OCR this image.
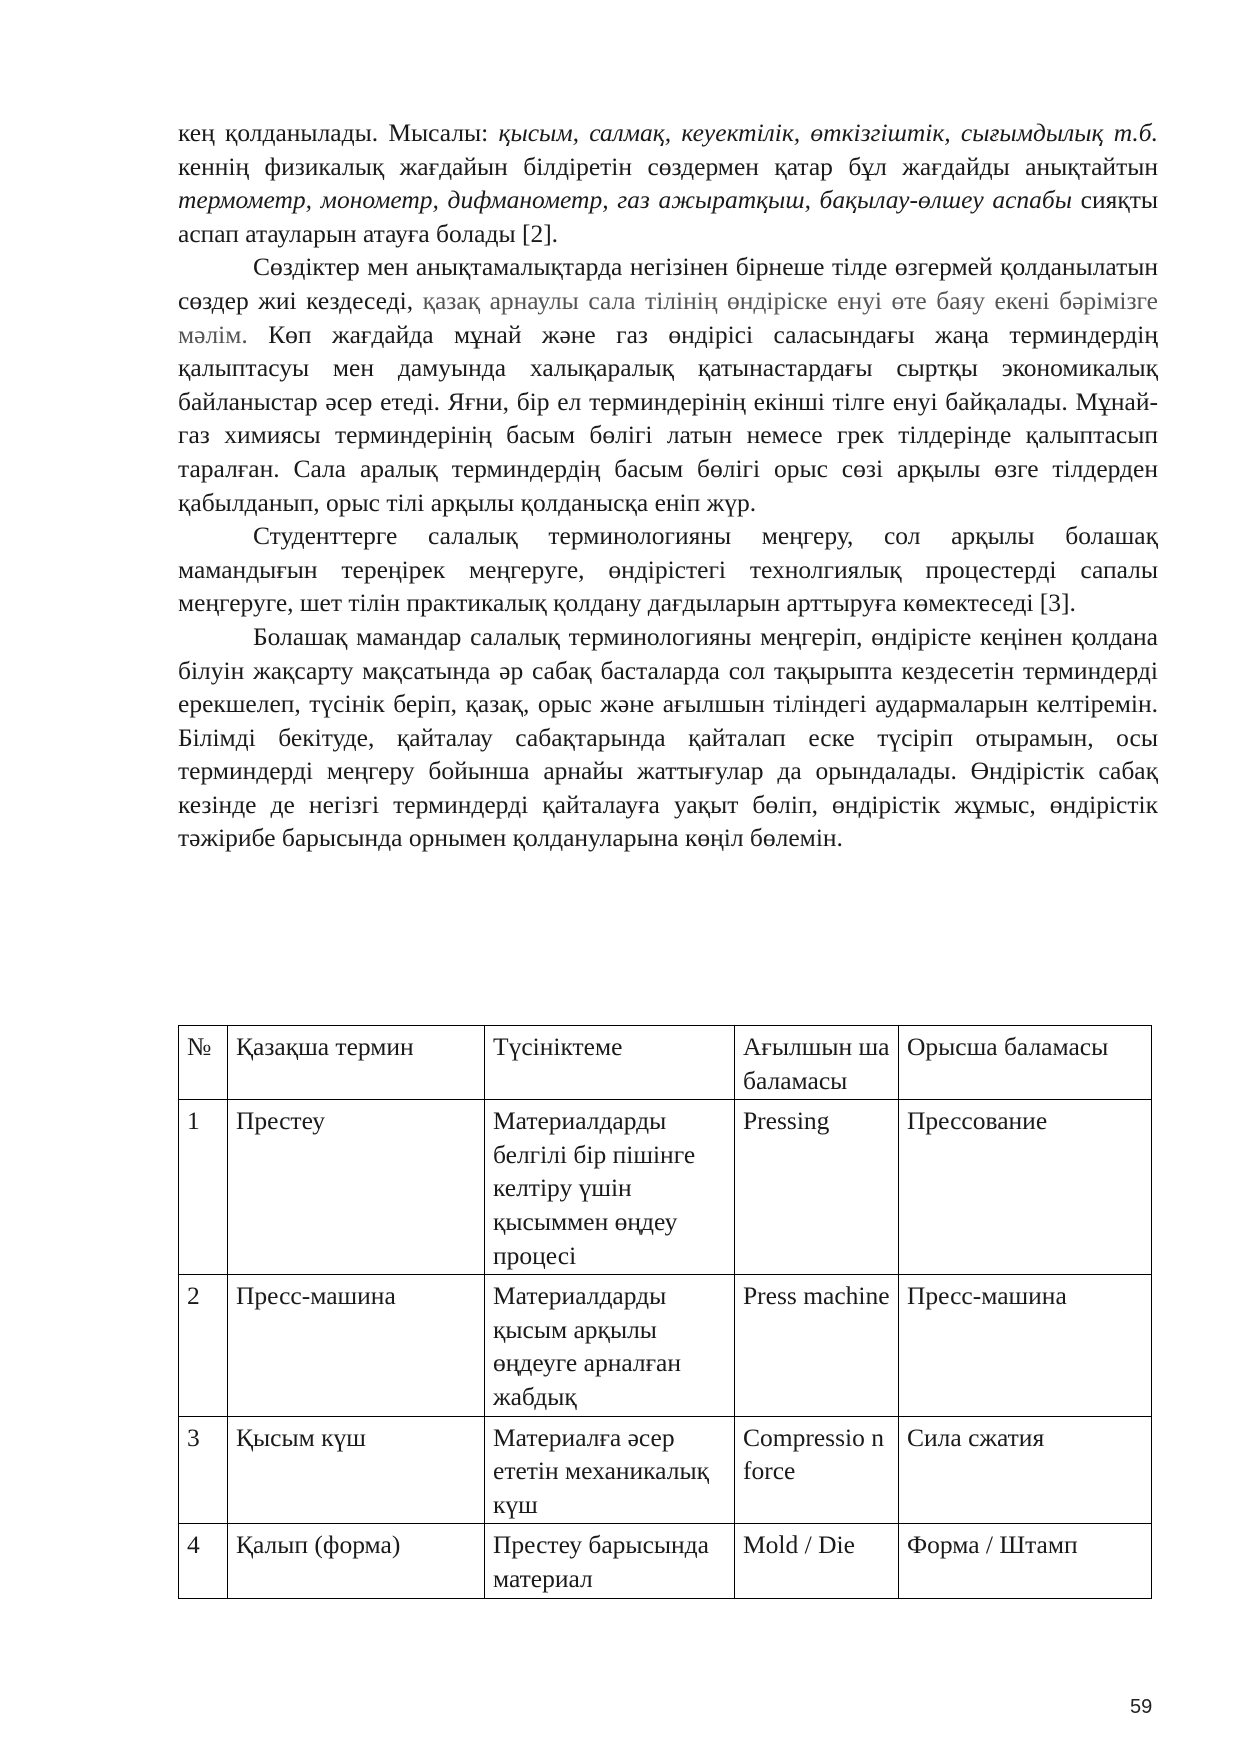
кең қолданылады. Мысалы: қысым, салмақ, кеуектілік, өткізгіштік, сығымдылық т.б. кеннің физикалық жағдайын білдіретін сөздермен қатар бұл жағдайды анықтайтын термометр, монометр, дифманометр, газ ажыратқыш, бақылау-өлшеу аспабы сияқты аспап атауларын атауға болады [2].

Сөздіктер мен анықтамалықтарда негізінен бірнеше тілде өзгермей қолданылатын сөздер жиі кездеседі, қазақ арнаулы сала тілінің өндіріске енуі өте баяу екені бәрімізге мәлім. Көп жағдайда мұнай және газ өндірісі саласындағы жаңа терминдердің қалыптасуы мен дамуында халықаралық қатынастардағы сыртқы экономикалық байланыстар әсер етеді. Яғни, бір ел терминдерінің екінші тілге енуі байқалады. Мұнай-газ химиясы терминдерінің басым бөлігі латын немесе грек тілдерінде қалыптасып таралған. Сала аралық терминдердің басым бөлігі орыс сөзі арқылы өзге тілдерден қабылданып, орыс тілі арқылы қолданысқа еніп жүр.

Студенттерге салалық терминологияны меңгеру, сол арқылы болашақ мамандығын тереңірек меңгеруге, өндірістегі технолгиялық процестерді сапалы меңгеруге, шет тілін практикалық қолдану дағдыларын арттыруға көмектеседі [3].

Болашақ мамандар салалық терминологияны меңгеріп, өндірісте кеңінен қолдана білуін жақсарту мақсатында әр сабақ басталарда сол тақырыпта кездесетін терминдерді ерекшелеп, түсінік беріп, қазақ, орыс және ағылшын тіліндегі аудармаларын келтіремін. Білімді бекітуде, қайталау сабақтарында қайталап еске түсіріп отырамын, осы терминдерді меңгеру бойынша арнайы жаттығулар да орындалады. Өндірістік сабақ кезінде де негізгі терминдерді қайталауға уақыт бөліп, өндірістік жұмыс, өндірістік тәжірибе барысында орнымен қолдануларына көңіл бөлемін.

№	Қазақша термин	Түсініктеме	Ағылшын ша баламасы	Орысша баламасы
1	Престеу	Материалдарды белгілі бір пішінге келтіру үшін қысыммен өңдеу процесі	Pressing	Прессование
2	Пресс-машина	Материалдарды қысым арқылы өңдеуге арналған жабдық	Press machine	Пресс-машина
3	Қысым күш	Материалға әсер ететін механикалық күш	Compressio n force	Сила сжатия
4	Қалып (форма)	Престеу барысында материал	Mold / Die	Форма / Штамп
59
